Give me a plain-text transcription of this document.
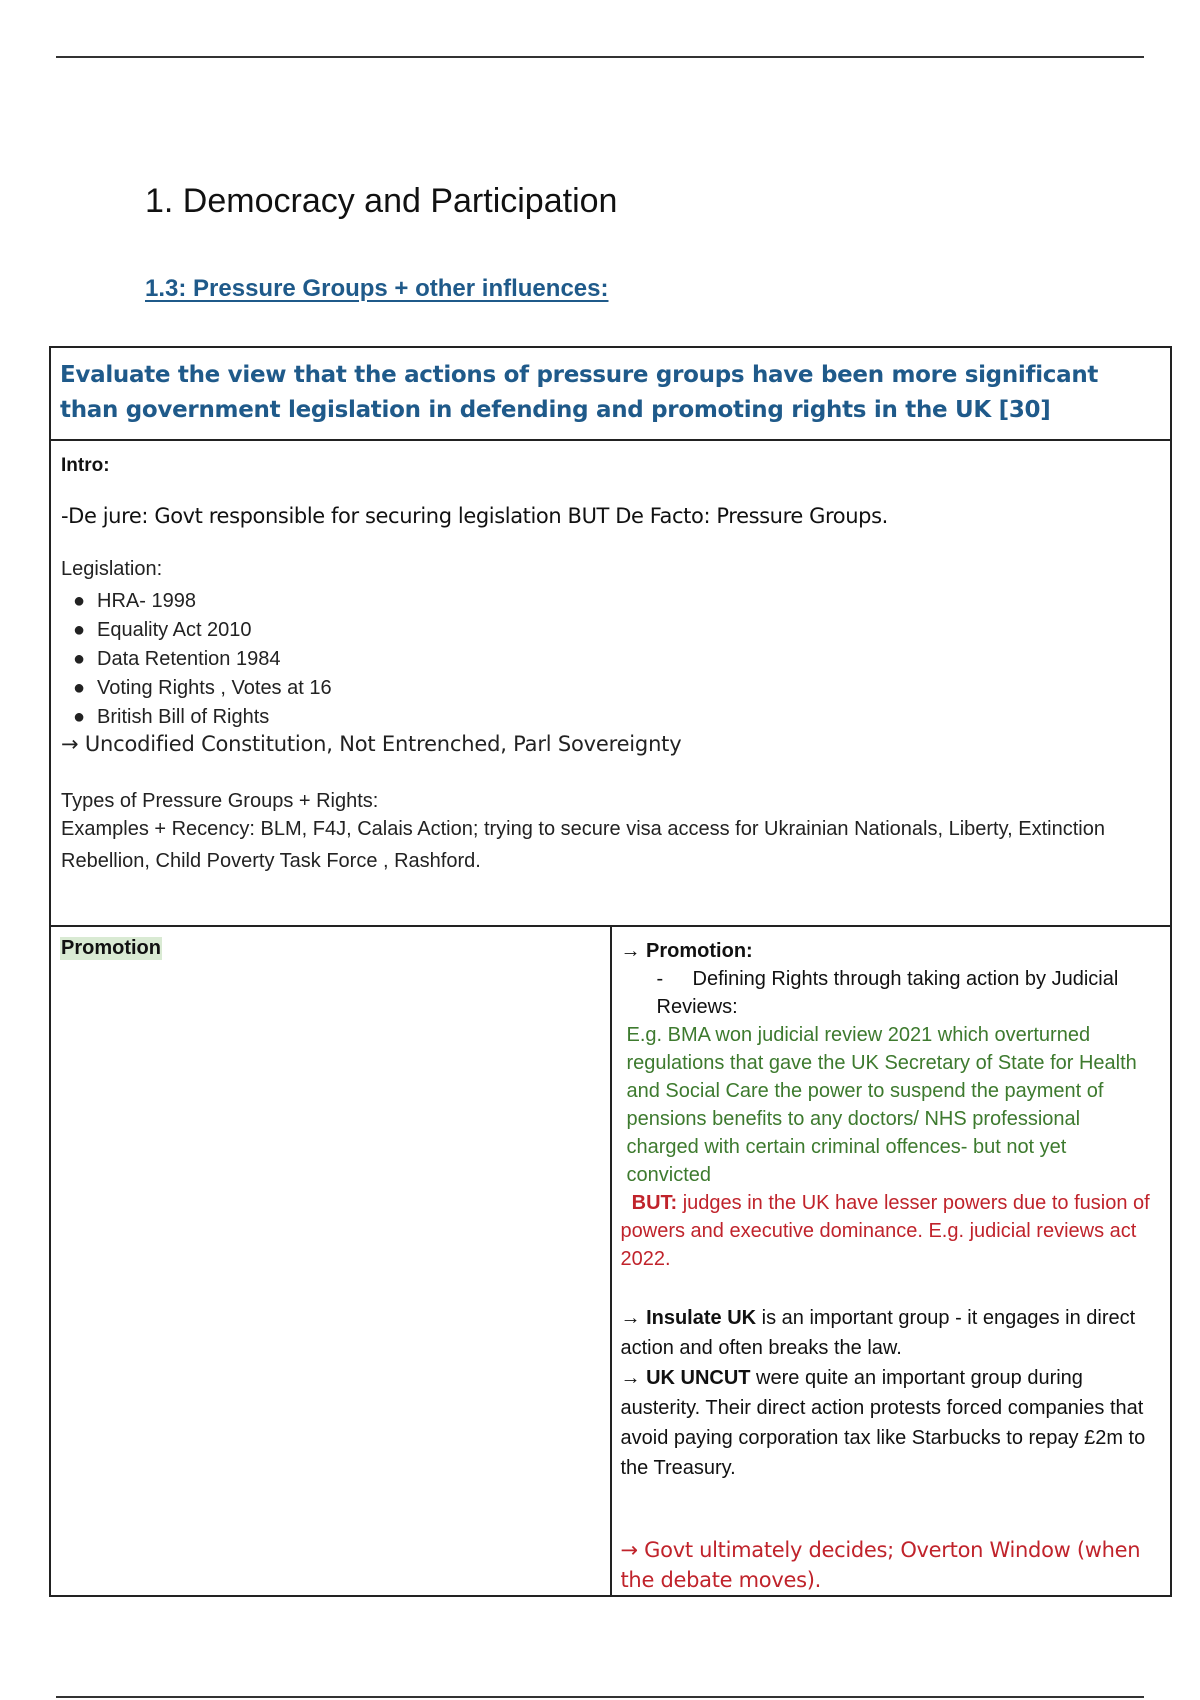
1. Democracy and Participation
1.3: Pressure Groups + other influences:
Evaluate the view that the actions of pressure groups have been more significant than government legislation in defending and promoting rights in the UK [30]

Intro:
-De jure: Govt responsible for securing legislation BUT De Facto: Pressure Groups.
Legislation:
● HRA- 1998
● Equality Act 2010
● Data Retention 1984
● Voting Rights , Votes at 16
● British Bill of Rights
→ Uncodified Constitution, Not Entrenched, Parl Sovereignty
Types of Pressure Groups + Rights:
Examples + Recency: BLM, F4J, Calais Action; trying to secure visa access for Ukrainian Nationals, Liberty, Extinction Rebellion, Child Poverty Task Force , Rashford.

Promotion	→ Promotion:
- Defining Rights through taking action by Judicial Reviews:
E.g. BMA won judicial review 2021 which overturned regulations that gave the UK Secretary of State for Health and Social Care the power to suspend the payment of pensions benefits to any doctors/ NHS professional charged with certain criminal offences- but not yet convicted
BUT: judges in the UK have lesser powers due to fusion of powers and executive dominance. E.g. judicial reviews act 2022.
→ Insulate UK is an important group - it engages in direct action and often breaks the law.
→ UK UNCUT were quite an important group during austerity. Their direct action protests forced companies that avoid paying corporation tax like Starbucks to repay £2m to the Treasury.
→ Govt ultimately decides; Overton Window (when the debate moves).
